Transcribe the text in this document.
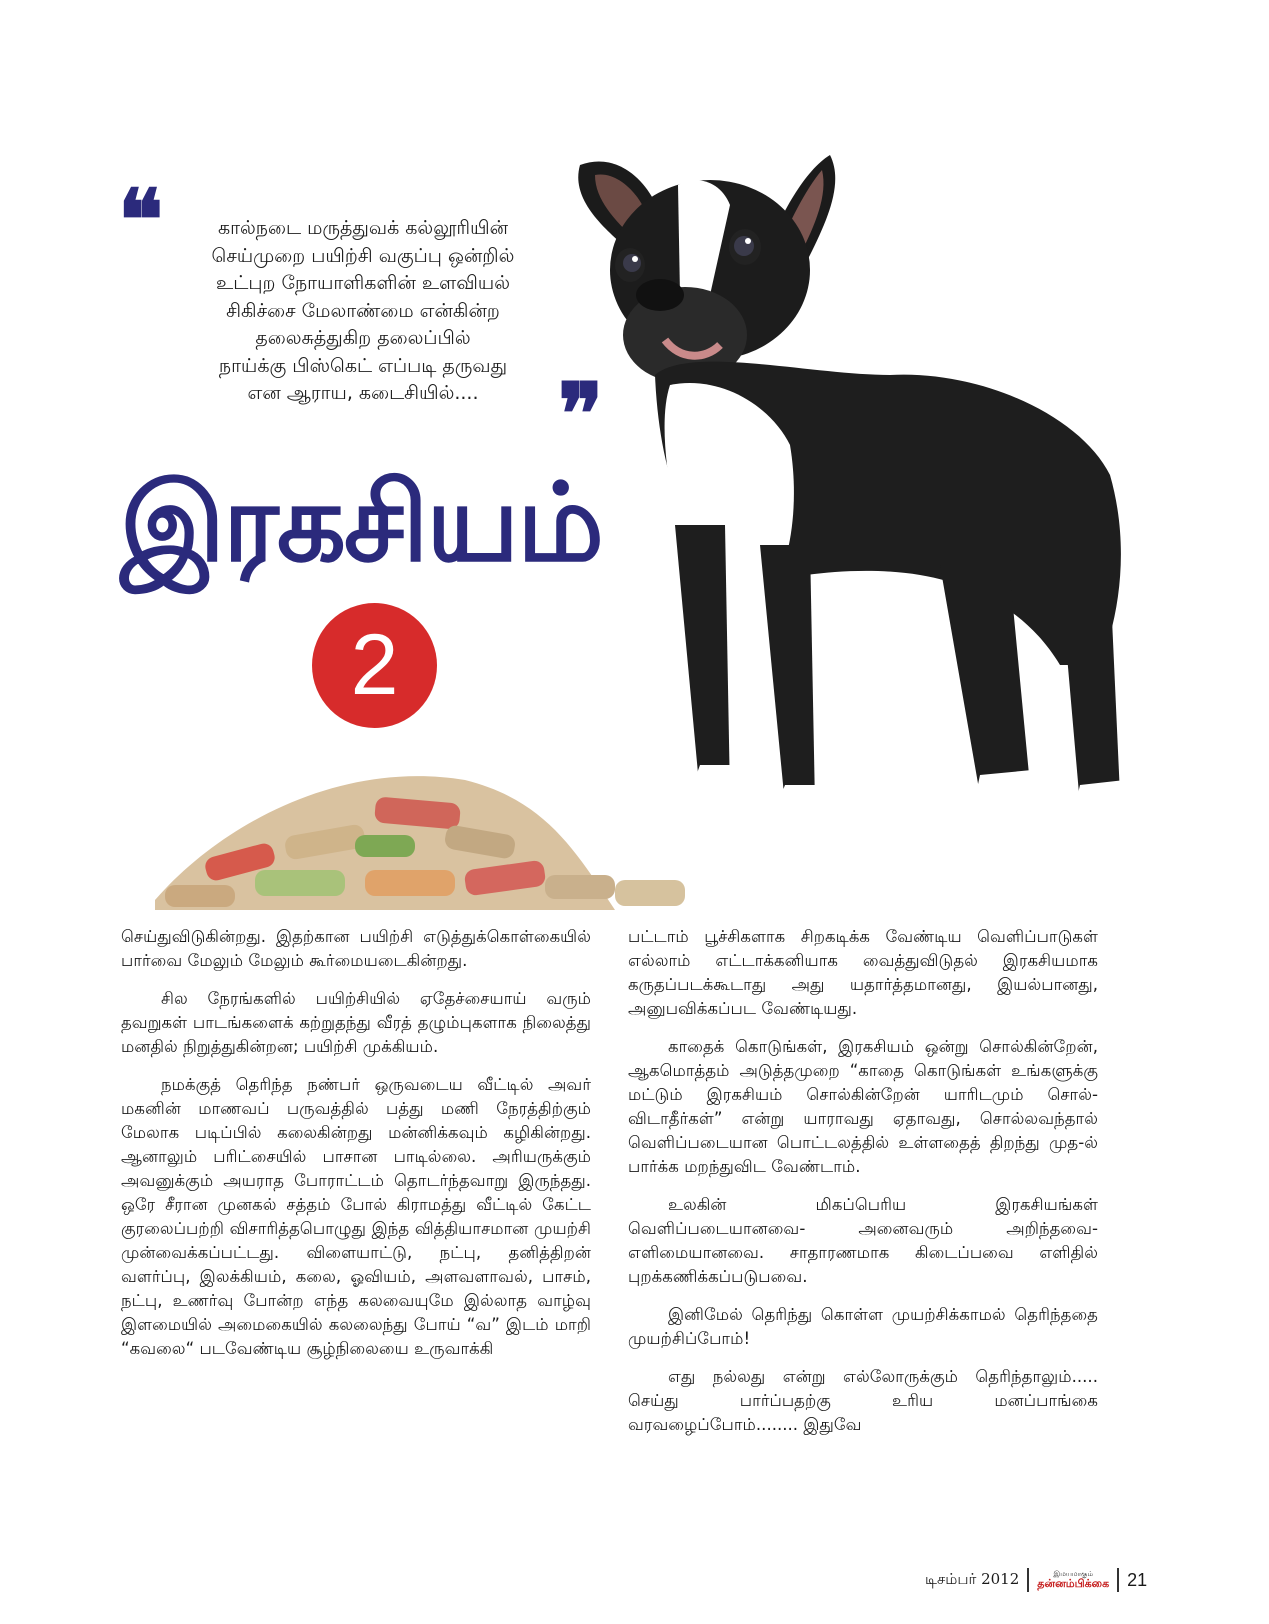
❝	கால்நடை மருத்துவக் கல்லூரியின்
செய்முறை பயிற்சி வகுப்பு ஒன்றில்
உட்புற நோயாளிகளின் உளவியல்
சிகிச்சை மேலாண்மை என்கின்ற
தலைசுத்துகிற தலைப்பில்
நாய்க்கு பிஸ்கெட் எப்படி தருவது
என ஆராய, கடைசியில்.... ❞
இரகசியம்
2

செய்துவிடுகின்றது. இதற்கான பயிற்சி எடுத்துக்கொள்கையில் பார்வை மேலும் மேலும் கூர்மையடைகின்றது.

சில நேரங்களில் பயிற்சியில் ஏதேச்சையாய் வரும் தவறுகள் பாடங்களைக் கற்றுதந்து வீரத் தழும்புகளாக நிலைத்து மனதில் நிறுத்துகின்றன; பயிற்சி முக்கியம்.

நமக்குத் தெரிந்த நண்பர் ஒருவடைய வீட்டில் அவர் மகனின் மாணவப் பருவத்தில் பத்து மணி நேரத்திற்கும் மேலாக படிப்பில் கலைகின்றது மன்னிக்கவும் கழிகின்றது. ஆனாலும் பரிட்சையில் பாசான பாடில்லை. அரியருக்கும் அவனுக்கும் அயராத போராட்டம் தொடர்ந்தவாறு இருந்தது. ஒரே சீரான முனகல் சத்தம் போல் கிராமத்து வீட்டில் கேட்ட குரலைப்பற்றி விசாரித்தபொழுது இந்த வித்தியாசமான முயற்சி முன்வைக்கப்பட்டது. விளையாட்டு, நட்பு, தனித்திறன் வளர்ப்பு, இலக்கியம், கலை, ஓவியம், அளவளாவல், பாசம், நட்பு, உணர்வு போன்ற எந்த கலவையுமே இல்லாத வாழ்வு இளமையில் அமைகையில் கலலைந்து போய் “வ” இடம் மாறி “கவலை“ படவேண்டிய சூழ்நிலையை உருவாக்கி

பட்டாம் பூச்சிகளாக சிறகடிக்க வேண்டிய வெளிப்பாடுகள் எல்லாம் எட்டாக்கனியாக வைத்துவிடுதல் இரகசியமாக கருதப்படக்கூடாது அது யதார்த்தமானது, இயல்பானது, அனுபவிக்கப்பட வேண்டியது.

காதைக் கொடுங்கள், இரகசியம் ஒன்று சொல்கின்றேன், ஆகமொத்தம் அடுத்தமுறை “காதை கொடுங்கள் உங்களுக்கு மட்டும் இரகசியம் சொல்கின்றேன் யாரிடமும் சொல்-விடாதீர்கள்” என்று யாராவது ஏதாவது, சொல்லவந்தால் வெளிப்படையான பொட்டலத்தில் உள்ளதைத் திறந்து முத-ல் பார்க்க மறந்துவிட வேண்டாம்.

உலகின் மிகப்பெரிய இரகசியங்கள் வெளிப்படையானவை- அனைவரும் அறிந்தவை- எளிமையானவை. சாதாரணமாக கிடைப்பவை எளிதில் புறக்கணிக்கப்படுபவை.

இனிமேல் தெரிந்து கொள்ள முயற்சிக்காமல் தெரிந்ததை முயற்சிப்போம்!

எது நல்லது என்று எல்லோருக்கும் தெரிந்தாலும்..... செய்து பார்ப்பதற்கு உரிய மனப்பாங்கை வரவழைப்போம்........ இதுவே

டிசம்பர் 2012	இமயமாகும்
தன்னம்பிக்கை 21
